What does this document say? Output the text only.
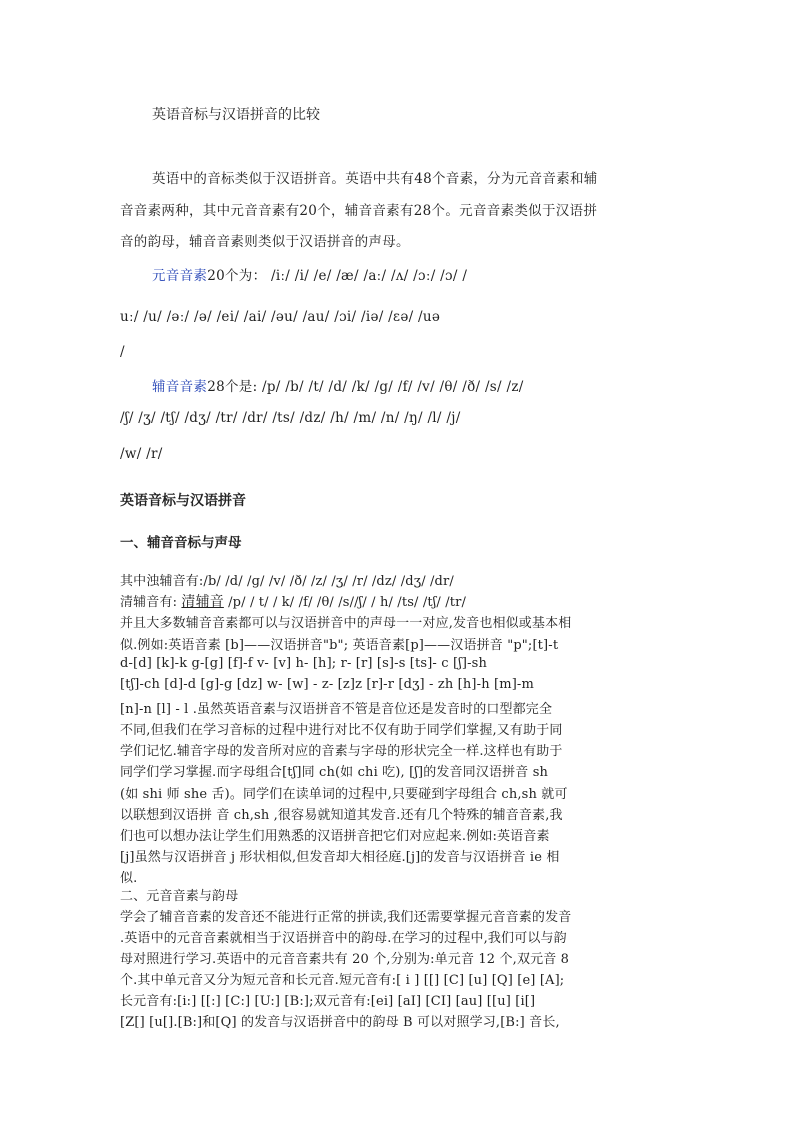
英语音标与汉语拼音的比较
英语中的音标类似于汉语拼音。英语中共有48个音素，分为元音音素和辅
音音素两种，其中元音音素有20个，辅音音素有28个。元音音素类似于汉语拼
音的韵母，辅音音素则类似于汉语拼音的声母。
元音音素20个为： /iː/ /i/ /e/ /æ/ /aː/ /ʌ/ /ɔː/ /ɔ/ /
uː/ /u/ /əː/ /ə/ /ei/ /ai/ /əu/ /au/ /ɔi/ /iə/ /ɛə/ /uə
/
辅音音素28个是: /p/ /b/ /t/ /d/ /k/ /g/ /f/ /v/ /θ/ /ð/ /s/ /z/
/ʃ/ /ʒ/ /tʃ/ /dʒ/ /tr/ /dr/ /ts/ /dz/ /h/ /m/ /n/ /ŋ/ /l/ /j/
/w/ /r/
英语音标与汉语拼音
一、辅音音标与声母
其中浊辅音有:/b/ /d/ /g/ /v/ /ð/ /z/ /ʒ/ /r/ /dz/ /dʒ/ /dr/
清辅音有: 清辅音 /p/ / t/ / k/ /f/ /θ/ /s//ʃ/ / h/ /ts/ /tʃ/ /tr/
并且大多数辅音音素都可以与汉语拼音中的声母一一对应,发音也相似或基本相
似.例如:英语音素 [b]——汉语拼音"b"; 英语音素[p]——汉语拼音 "p";[t]-t
d-[d] [k]-k g-[g] [f]-f v- [v] h- [h]; r- [r] [s]-s [ts]- c [ʃ]-sh
[tʃ]-ch [d]-d [g]-g [dz] w- [w] - z- [z]z [r]-r [dʒ] - zh [h]-h [m]-m
[n]-n [l] - l .虽然英语音素与汉语拼音不管是音位还是发音时的口型都完全
不同,但我们在学习音标的过程中进行对比不仅有助于同学们掌握,又有助于同
学们记忆.辅音字母的发音所对应的音素与字母的形状完全一样.这样也有助于
同学们学习掌握.而字母组合[tʃ]同 ch(如 chi 吃), [ʃ]的发音同汉语拼音 sh
(如 shi 师 she 舌)。同学们在读单词的过程中,只要碰到字母组合 ch,sh 就可
以联想到汉语拼 音 ch,sh ,很容易就知道其发音.还有几个特殊的辅音音素,我
们也可以想办法让学生们用熟悉的汉语拼音把它们对应起来.例如:英语音素
[j]虽然与汉语拼音 j 形状相似,但发音却大相径庭.[j]的发音与汉语拼音 ie 相
似.
二、元音音素与韵母
学会了辅音音素的发音还不能进行正常的拼读,我们还需要掌握元音音素的发音
.英语中的元音音素就相当于汉语拼音中的韵母.在学习的过程中,我们可以与韵
母对照进行学习.英语中的元音音素共有 20 个,分别为:单元音 12 个,双元音 8
个.其中单元音又分为短元音和长元音.短元音有:[ i ] [[] [C] [u] [Q] [e] [A];
长元音有:[i:] [[:] [C:] [U:] [B:];双元音有:[ei] [aI] [CI] [au] [[u] [i[]
[Z[] [u[].[B:]和[Q] 的发音与汉语拼音中的韵母 B 可以对照学习,[B:] 音长,
